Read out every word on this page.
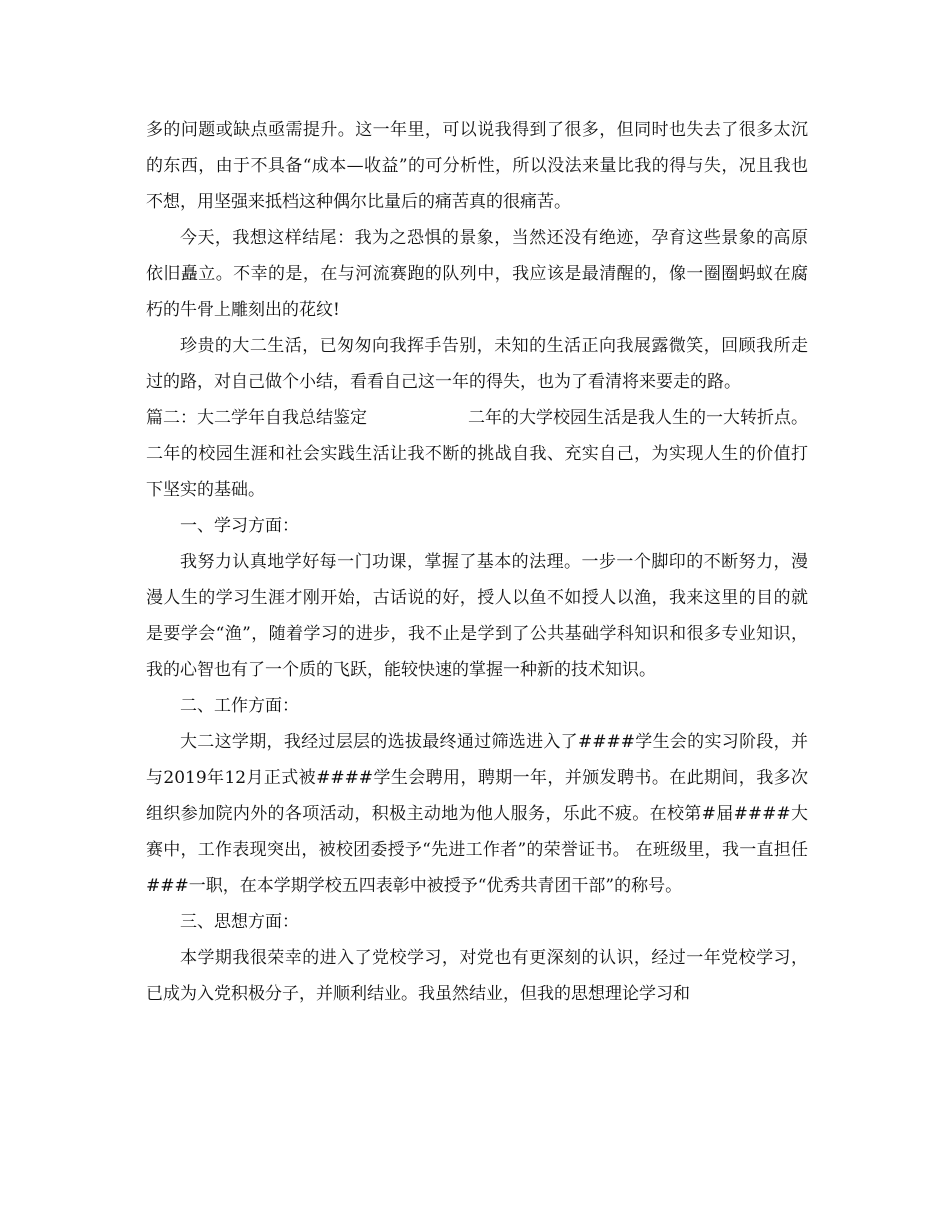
多的问题或缺点亟需提升。这一年里，可以说我得到了很多，但同时也失去了很多太沉的东西，由于不具备“成本—收益”的可分析性，所以没法来量比我的得与失，况且我也不想，用坚强来抵档这种偶尔比量后的痛苦真的很痛苦。

今天，我想这样结尾：我为之恐惧的景象，当然还没有绝迹，孕育这些景象的高原依旧矗立。不幸的是，在与河流赛跑的队列中，我应该是最清醒的，像一圈圈蚂蚁在腐朽的牛骨上雕刻出的花纹!

珍贵的大二生活，已匆匆向我挥手告别，未知的生活正向我展露微笑，回顾我所走过的路，对自己做个小结，看看自己这一年的得失，也为了看清将来要走的路。

篇二：大二学年自我总结鉴定	二年的大学校园生活是我人生的一大转折点。

二年的校园生涯和社会实践生活让我不断的挑战自我、充实自己，为实现人生的价值打下坚实的基础。

一、学习方面：

我努力认真地学好每一门功课，掌握了基本的法理。一步一个脚印的不断努力，漫漫人生的学习生涯才刚开始，古话说的好，授人以鱼不如授人以渔，我来这里的目的就是要学会“渔”，随着学习的进步，我不止是学到了公共基础学科知识和很多专业知识，我的心智也有了一个质的飞跃，能较快速的掌握一种新的技术知识。

二、工作方面：

大二这学期，我经过层层的选拔最终通过筛选进入了####学生会的实习阶段，并与2019年12月正式被####学生会聘用，聘期一年，并颁发聘书。在此期间，我多次组织参加院内外的各项活动，积极主动地为他人服务，乐此不疲。在校第#届####大赛中，工作表现突出，被校团委授予“先进工作者”的荣誉证书。 在班级里，我一直担任###一职，在本学期学校五四表彰中被授予“优秀共青团干部”的称号。

三、思想方面：

本学期我很荣幸的进入了党校学习，对党也有更深刻的认识，经过一年党校学习，已成为入党积极分子，并顺利结业。我虽然结业，但我的思想理论学习和
